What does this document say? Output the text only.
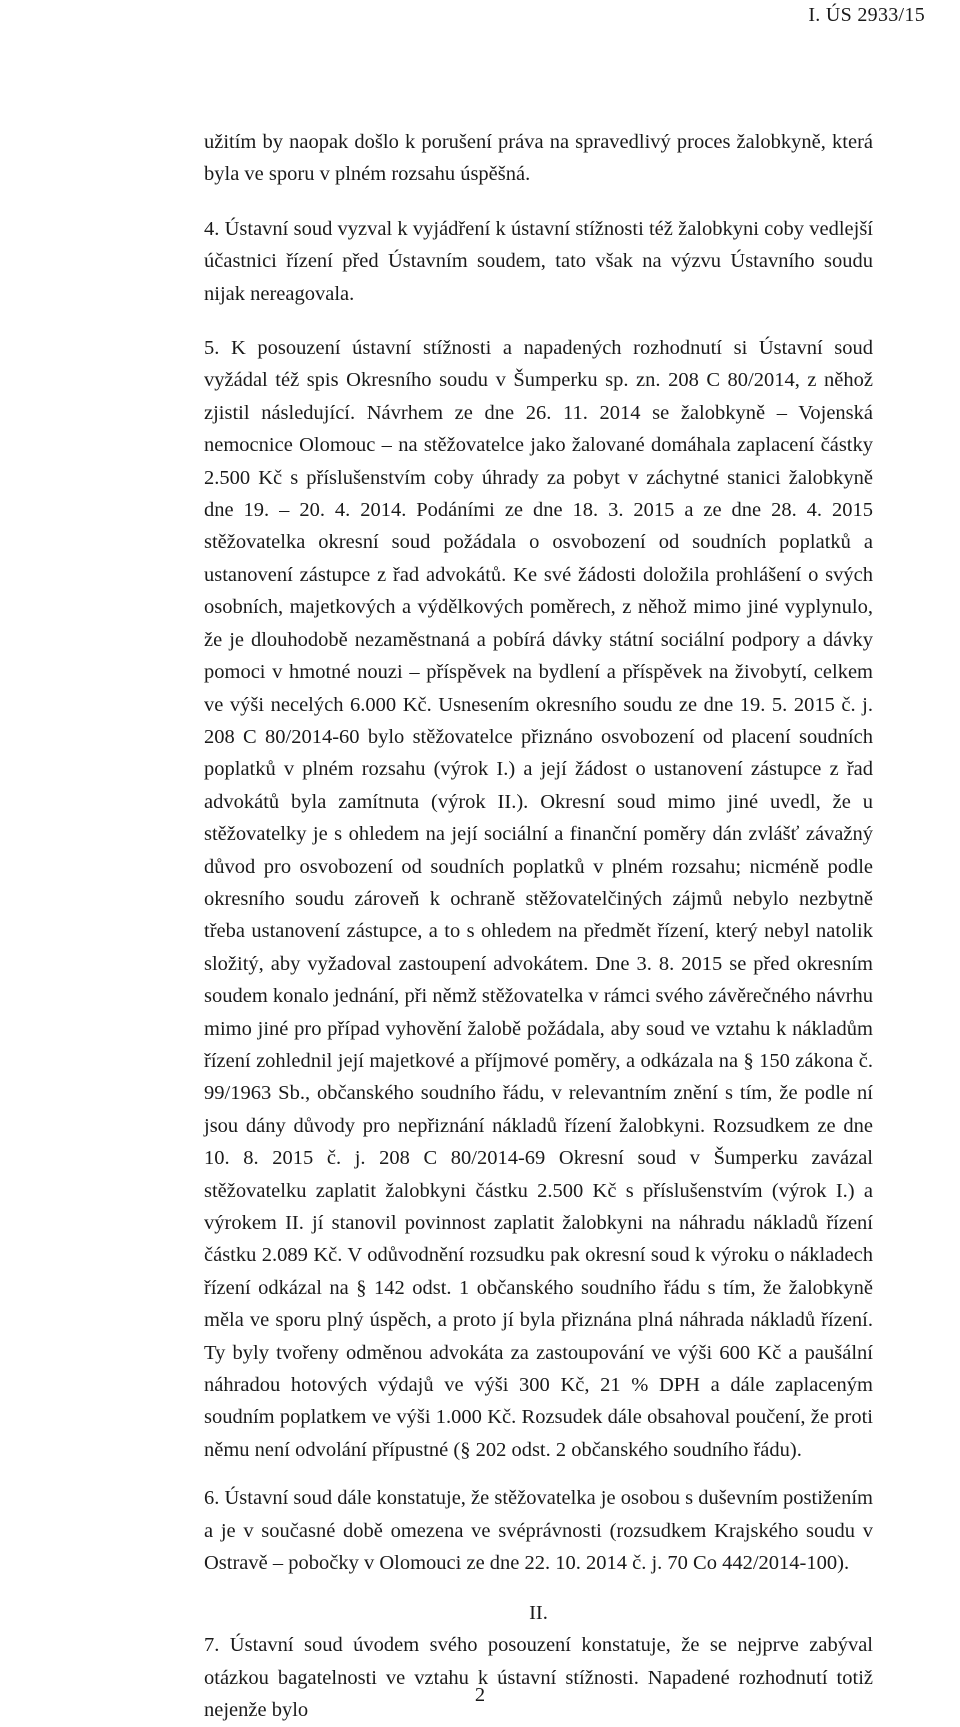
I. ÚS 2933/15

užitím by naopak došlo k porušení práva na spravedlivý proces žalobkyně, která byla ve sporu v plném rozsahu úspěšná.

4. Ústavní soud vyzval k vyjádření k ústavní stížnosti též žalobkyni coby vedlejší účastnici řízení před Ústavním soudem, tato však na výzvu Ústavního soudu nijak nereagovala.

5. K posouzení ústavní stížnosti a napadených rozhodnutí si Ústavní soud vyžádal též spis Okresního soudu v Šumperku sp. zn. 208 C 80/2014, z něhož zjistil následující. Návrhem ze dne 26. 11. 2014 se žalobkyně – Vojenská nemocnice Olomouc – na stěžovatelce jako žalované domáhala zaplacení částky 2.500 Kč s příslušenstvím coby úhrady za pobyt v záchytné stanici žalobkyně dne 19. – 20. 4. 2014. Podáními ze dne 18. 3. 2015 a ze dne 28. 4. 2015 stěžovatelka okresní soud požádala o osvobození od soudních poplatků a ustanovení zástupce z řad advokátů. Ke své žádosti doložila prohlášení o svých osobních, majetkových a výdělkových poměrech, z něhož mimo jiné vyplynulo, že je dlouhodobě nezaměstnaná a pobírá dávky státní sociální podpory a dávky pomoci v hmotné nouzi – příspěvek na bydlení a příspěvek na živobytí, celkem ve výši necelých 6.000 Kč. Usnesením okresního soudu ze dne 19. 5. 2015 č. j. 208 C 80/2014-60 bylo stěžovatelce přiznáno osvobození od placení soudních poplatků v plném rozsahu (výrok I.) a její žádost o ustanovení zástupce z řad advokátů byla zamítnuta (výrok II.). Okresní soud mimo jiné uvedl, že u stěžovatelky je s ohledem na její sociální a finanční poměry dán zvlášť závažný důvod pro osvobození od soudních poplatků v plném rozsahu; nicméně podle okresního soudu zároveň k ochraně stěžovatelčiných zájmů nebylo nezbytně třeba ustanovení zástupce, a to s ohledem na předmět řízení, který nebyl natolik složitý, aby vyžadoval zastoupení advokátem. Dne 3. 8. 2015 se před okresním soudem konalo jednání, při němž stěžovatelka v rámci svého závěrečného návrhu mimo jiné pro případ vyhovění žalobě požádala, aby soud ve vztahu k nákladům řízení zohlednil její majetkové a příjmové poměry, a odkázala na § 150 zákona č. 99/1963 Sb., občanského soudního řádu, v relevantním znění s tím, že podle ní jsou dány důvody pro nepřiznání nákladů řízení žalobkyni. Rozsudkem ze dne 10. 8. 2015 č. j. 208 C 80/2014-69 Okresní soud v Šumperku zavázal stěžovatelku zaplatit žalobkyni částku 2.500 Kč s příslušenstvím (výrok I.) a výrokem II. jí stanovil povinnost zaplatit žalobkyni na náhradu nákladů řízení částku 2.089 Kč. V odůvodnění rozsudku pak okresní soud k výroku o nákladech řízení odkázal na § 142 odst. 1 občanského soudního řádu s tím, že žalobkyně měla ve sporu plný úspěch, a proto jí byla přiznána plná náhrada nákladů řízení. Ty byly tvořeny odměnou advokáta za zastoupování ve výši 600 Kč a paušální náhradou hotových výdajů ve výši 300 Kč, 21 % DPH a dále zaplaceným soudním poplatkem ve výši 1.000 Kč. Rozsudek dále obsahoval poučení, že proti němu není odvolání přípustné (§ 202 odst. 2 občanského soudního řádu).

6. Ústavní soud dále konstatuje, že stěžovatelka je osobou s duševním postižením a je v současné době omezena ve svéprávnosti (rozsudkem Krajského soudu v Ostravě – pobočky v Olomouci ze dne 22. 10. 2014 č. j. 70 Co 442/2014-100).

II.

7. Ústavní soud úvodem svého posouzení konstatuje, že se nejprve zabýval otázkou bagatelnosti ve vztahu k ústavní stížnosti. Napadené rozhodnutí totiž nejenže bylo

2
